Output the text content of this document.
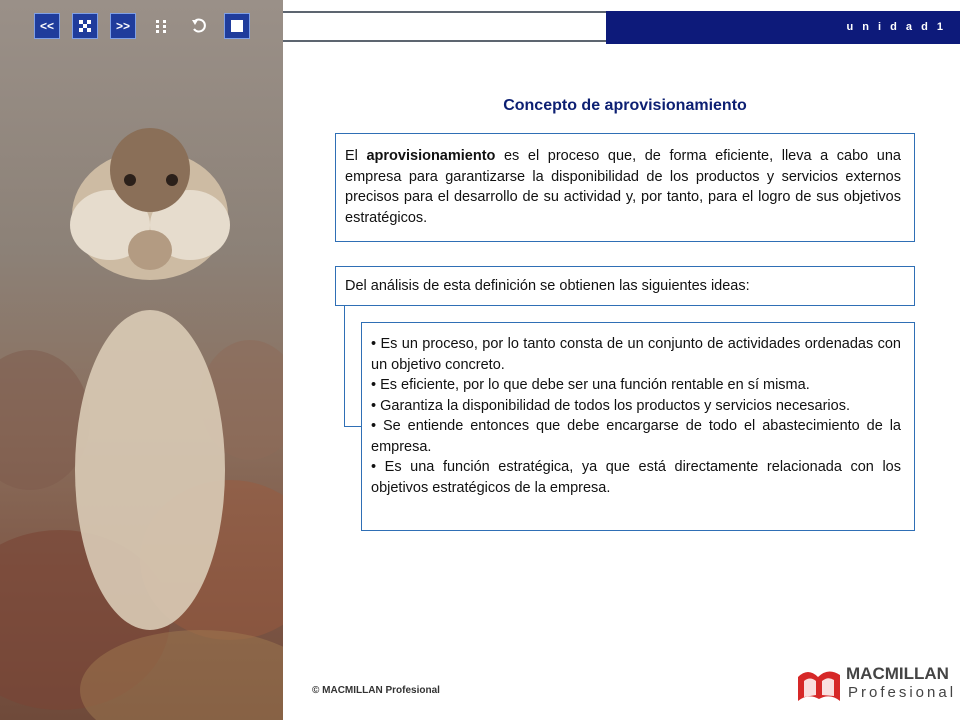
<<	>>	u n i d a d 1
Concepto de aprovisionamiento
El aprovisionamiento es el proceso que, de forma eficiente, lleva a cabo una empresa para garantizarse la disponibilidad de los productos y servicios externos precisos para el desarrollo de su actividad y, por tanto, para el logro de sus objetivos estratégicos.
Del análisis de esta definición se obtienen las siguientes ideas:

• Es un proceso, por lo tanto consta de un conjunto de actividades ordenadas con un objetivo concreto.

• Es eficiente, por lo que debe ser una función rentable en sí misma.

• Garantiza la disponibilidad de todos los productos y servicios necesarios.

• Se entiende entonces que debe encargarse de todo el abastecimiento de la empresa.

• Es una función estratégica, ya que está directamente relacionada con los objetivos estratégicos de la empresa.

© MACMILLAN Profesional
MACMILLAN
Profesional
